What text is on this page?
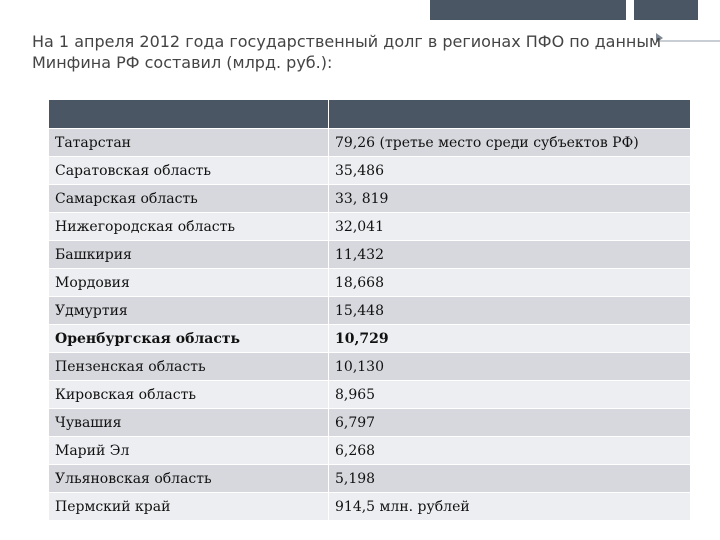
На 1 апреля 2012 года государственный долг в регионах ПФО по данным Минфина РФ составил (млрд. руб.):

Татарстан	79,26 (третье место среди субъектов РФ)
Саратовская область	35,486
Самарская область	33, 819
Нижегородская область	32,041
Башкирия	11,432
Мордовия	18,668
Удмуртия	15,448
Оренбургская область	10,729
Пензенская область	10,130
Кировская область	8,965
Чувашия	6,797
Марий Эл	6,268
Ульяновская область	5,198
Пермский край	914,5 млн. рублей
